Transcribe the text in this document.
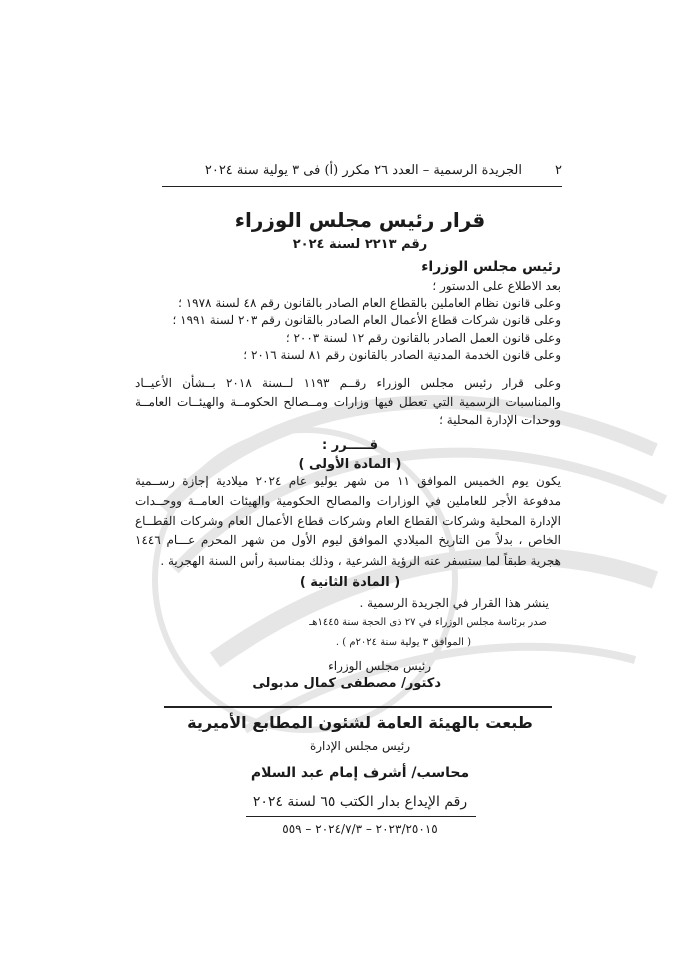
٢
الجريدة الرسمية – العدد ٢٦ مكرر (أ) فى ٣ يولية سنة ٢٠٢٤
قرار رئيس مجلس الوزراء
رقم ٢٢١٣ لسنة ٢٠٢٤
رئيس مجلس الوزراء
بعد الاطلاع على الدستور ؛
وعلى قانون نظام العاملين بالقطاع العام الصادر بالقانون رقم ٤٨ لسنة ١٩٧٨ ؛
وعلى قانون شركات قطاع الأعمال العام الصادر بالقانون رقم ٢٠٣ لسنة ١٩٩١ ؛
وعلى قانون العمل الصادر بالقانون رقم ١٢ لسنة ٢٠٠٣ ؛
وعلى قانون الخدمة المدنية الصادر بالقانون رقم ٨١ لسنة ٢٠١٦ ؛
وعلى قرار رئيس مجلس الوزراء رقــم ١١٩٣ لــسنة ٢٠١٨ بــشأن الأعيــاد
والمناسبات الرسمية التي تعطل فيها وزارات ومــصالح الحكومــة والهيئــات العامــة
ووحدات الإدارة المحلية ؛
قـــــرر :
( المادة الأولى )
يكون يوم الخميس الموافق ١١ من شهر يوليو عام ٢٠٢٤ ميلادية إجازة رســمية
مدفوعة الأجر للعاملين في الوزارات والمصالح الحكومية والهيئات العامــة ووحــدات
الإدارة المحلية وشركات القطاع العام وشركات قطاع الأعمال العام وشركات القطــاع
الخاص ، بدلاً من التاريخ الميلادي الموافق ليوم الأول من شهر المحرم عـــام ١٤٤٦
هجرية طبقاً لما ستسفر عنه الرؤية الشرعية ، وذلك بمناسبة رأس السنة الهجرية .
( المادة الثانية )
ينشر هذا القرار في الجريدة الرسمية .
صدر برئاسة مجلس الوزراء في ٢٧ ذى الحجة سنة ١٤٤٥هـ
( الموافق ٣ يولية سنة ٢٠٢٤م ) .
رئيس مجلس الوزراء
دكتور/ مصطفى كمال مدبولى
طبعت بالهيئة العامة لشئون المطابع الأميرية
رئيس مجلس الإدارة
محاسب/ أشرف إمام عبد السلام
رقم الإيداع بدار الكتب ٦٥ لسنة ٢٠٢٤
٢٠٢٣/٢٥٠١٥ – ٢٠٢٤/٧/٣ – ٥٥٩
